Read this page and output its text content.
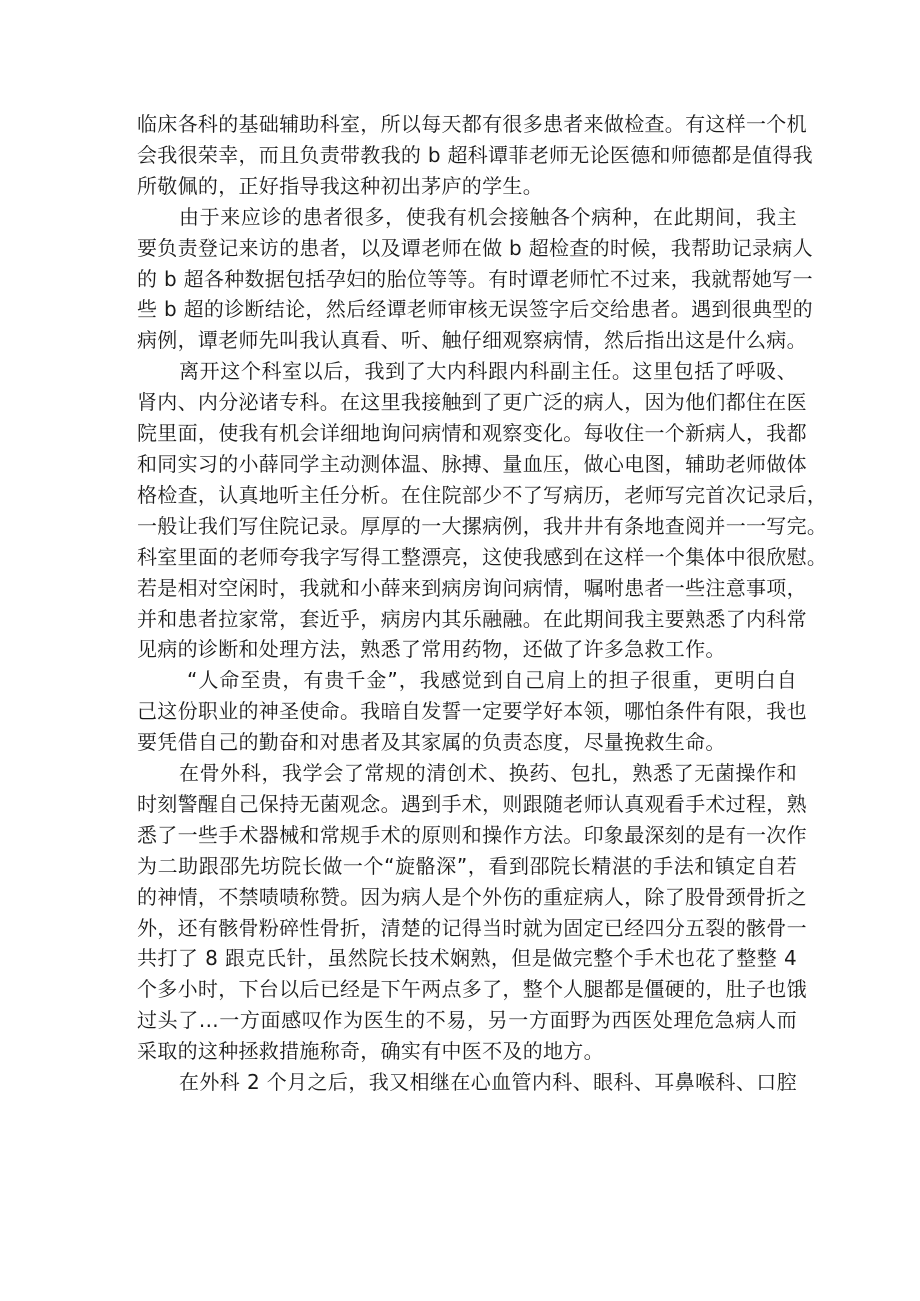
临床各科的基础辅助科室，所以每天都有很多患者来做检查。有这样一个机
会我很荣幸，而且负责带教我的 b 超科谭菲老师无论医德和师德都是值得我
所敬佩的，正好指导我这种初出茅庐的学生。

由于来应诊的患者很多，使我有机会接触各个病种，在此期间，我主
要负责登记来访的患者，以及谭老师在做 b 超检查的时候，我帮助记录病人
的 b 超各种数据包括孕妇的胎位等等。有时谭老师忙不过来，我就帮她写一
些 b 超的诊断结论，然后经谭老师审核无误签字后交给患者。遇到很典型的
病例，谭老师先叫我认真看、听、触仔细观察病情，然后指出这是什么病。

离开这个科室以后，我到了大内科跟内科副主任。这里包括了呼吸、
肾内、内分泌诸专科。在这里我接触到了更广泛的病人，因为他们都住在医
院里面，使我有机会详细地询问病情和观察变化。每收住一个新病人，我都
和同实习的小薛同学主动测体温、脉搏、量血压，做心电图，辅助老师做体
格检查，认真地听主任分析。在住院部少不了写病历，老师写完首次记录后，
一般让我们写住院记录。厚厚的一大摞病例，我井井有条地查阅并一一写完。
科室里面的老师夸我字写得工整漂亮，这使我感到在这样一个集体中很欣慰。
若是相对空闲时，我就和小薛来到病房询问病情，嘱咐患者一些注意事项，
并和患者拉家常，套近乎，病房内其乐融融。在此期间我主要熟悉了内科常
见病的诊断和处理方法，熟悉了常用药物，还做了许多急救工作。

“人命至贵，有贵千金”，我感觉到自己肩上的担子很重，更明白自
己这份职业的神圣使命。我暗自发誓一定要学好本领，哪怕条件有限，我也
要凭借自己的勤奋和对患者及其家属的负责态度，尽量挽救生命。

在骨外科，我学会了常规的清创术、换药、包扎，熟悉了无菌操作和
时刻警醒自己保持无菌观念。遇到手术，则跟随老师认真观看手术过程，熟
悉了一些手术器械和常规手术的原则和操作方法。印象最深刻的是有一次作
为二助跟邵先坊院长做一个“旋骼深”，看到邵院长精湛的手法和镇定自若
的神情，不禁啧啧称赞。因为病人是个外伤的重症病人，除了股骨颈骨折之
外，还有骸骨粉碎性骨折，清楚的记得当时就为固定已经四分五裂的骸骨一
共打了 8 跟克氏针，虽然院长技术娴熟，但是做完整个手术也花了整整 4
个多小时，下台以后已经是下午两点多了，整个人腿都是僵硬的，肚子也饿
过头了...一方面感叹作为医生的不易，另一方面野为西医处理危急病人而
采取的这种拯救措施称奇，确实有中医不及的地方。

在外科 2 个月之后，我又相继在心血管内科、眼科、耳鼻喉科、口腔
